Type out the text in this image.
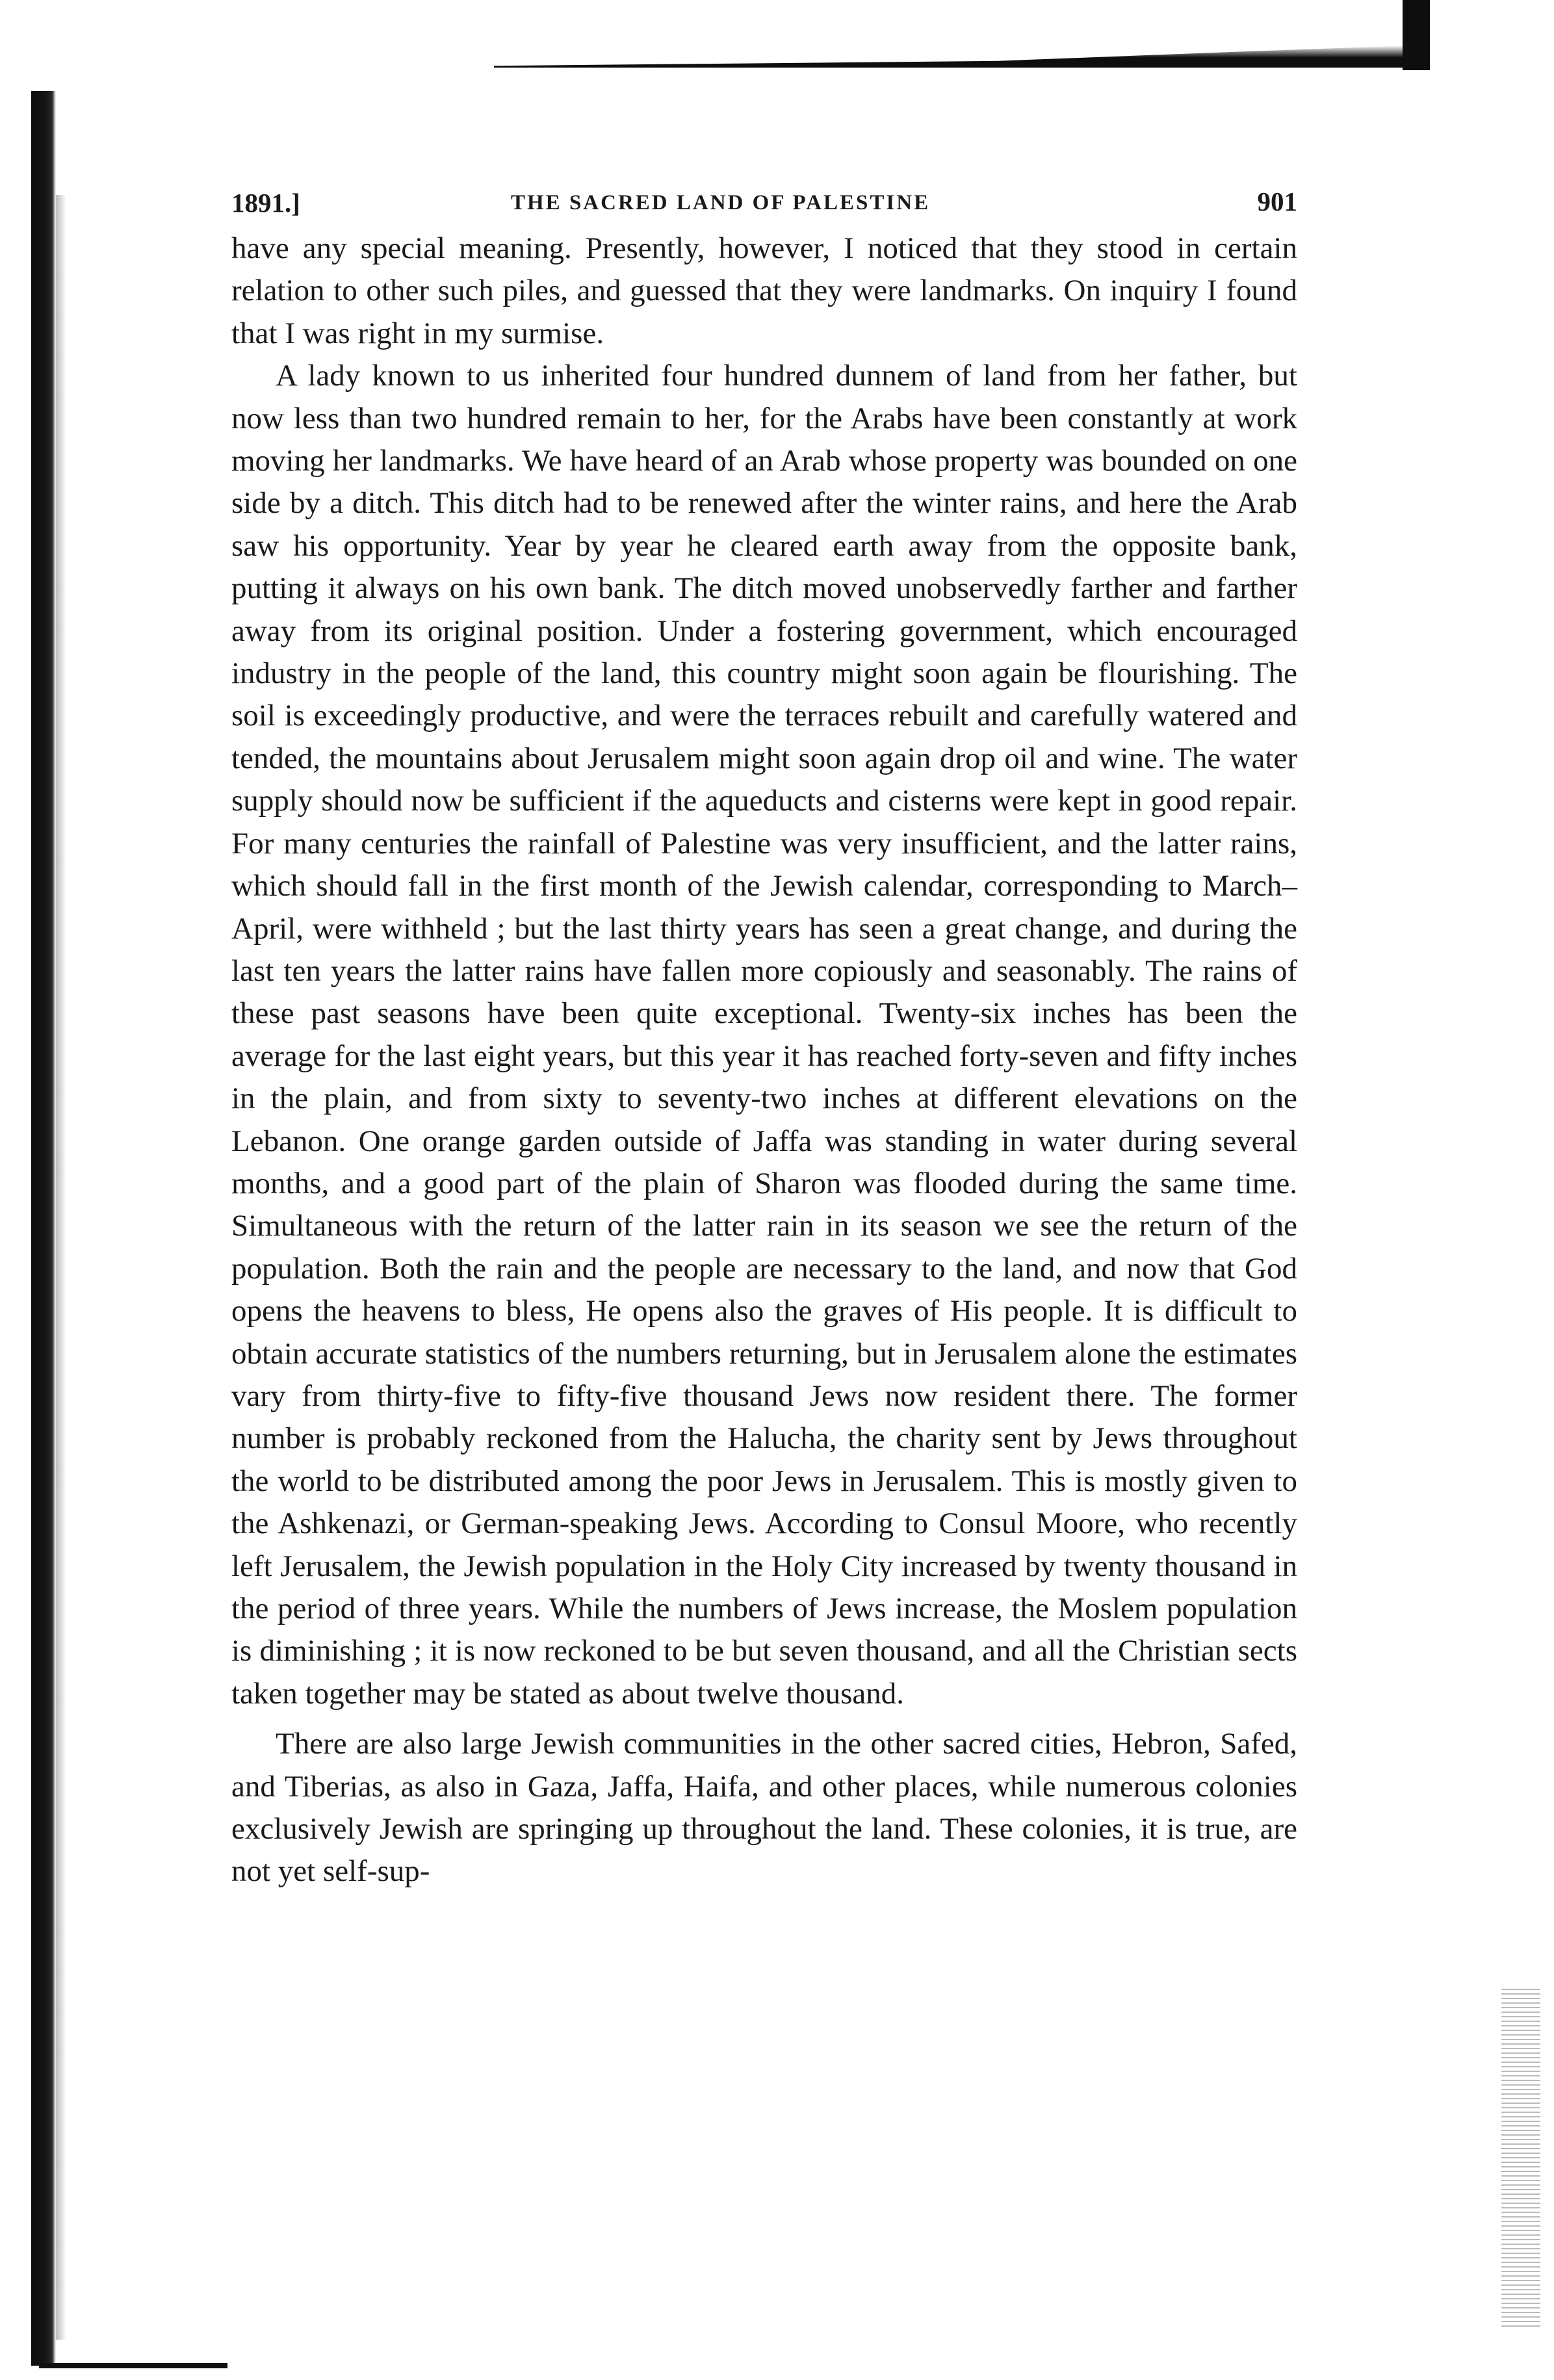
1891.]	THE SACRED LAND OF PALESTINE	901

have any special meaning. Presently, however, I noticed that they stood in certain relation to other such piles, and guessed that they were landmarks. On inquiry I found that I was right in my surmise.

A lady known to us inherited four hundred dunnem of land from her father, but now less than two hundred remain to her, for the Arabs have been constantly at work moving her landmarks. We have heard of an Arab whose property was bounded on one side by a ditch. This ditch had to be renewed after the winter rains, and here the Arab saw his opportunity. Year by year he cleared earth away from the opposite bank, putting it always on his own bank. The ditch moved unobservedly farther and farther away from its original position. Under a fostering government, which encouraged industry in the people of the land, this country might soon again be flourishing. The soil is exceedingly productive, and were the terraces rebuilt and carefully watered and tended, the mountains about Jerusalem might soon again drop oil and wine. The water supply should now be sufficient if the aqueducts and cisterns were kept in good repair. For many centuries the rainfall of Palestine was very insufficient, and the latter rains, which should fall in the first month of the Jewish calendar, corresponding to March–April, were withheld ; but the last thirty years has seen a great change, and during the last ten years the latter rains have fallen more copiously and seasonably. The rains of these past seasons have been quite exceptional. Twenty-six inches has been the average for the last eight years, but this year it has reached forty-seven and fifty inches in the plain, and from sixty to seventy-two inches at different elevations on the Lebanon. One orange garden outside of Jaffa was standing in water during several months, and a good part of the plain of Sharon was flooded during the same time. Simultaneous with the return of the latter rain in its season we see the return of the population. Both the rain and the people are necessary to the land, and now that God opens the heavens to bless, He opens also the graves of His people. It is difficult to obtain accurate statistics of the numbers returning, but in Jerusalem alone the estimates vary from thirty-five to fifty-five thousand Jews now resident there. The former number is probably reckoned from the Halucha, the charity sent by Jews throughout the world to be distributed among the poor Jews in Jerusalem. This is mostly given to the Ashkenazi, or German-speaking Jews. According to Consul Moore, who recently left Jerusalem, the Jewish population in the Holy City increased by twenty thousand in the period of three years. While the numbers of Jews increase, the Moslem population is diminishing ; it is now reckoned to be but seven thousand, and all the Christian sects taken together may be stated as about twelve thousand.

There are also large Jewish communities in the other sacred cities, Hebron, Safed, and Tiberias, as also in Gaza, Jaffa, Haifa, and other places, while numerous colonies exclusively Jewish are springing up throughout the land. These colonies, it is true, are not yet self-sup-
